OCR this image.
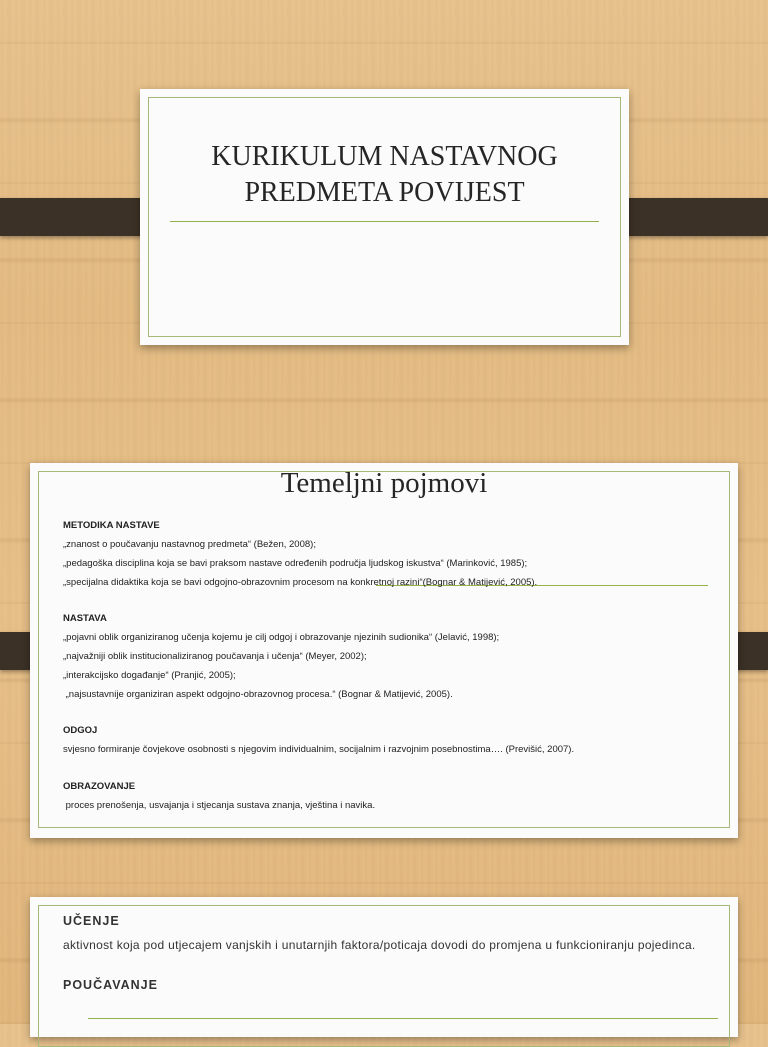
KURIKULUM NASTAVNOG
PREDMETA POVIJEST
Temeljni pojmovi
METODIKA NASTAVE
„znanost o poučavanju nastavnog predmeta“ (Bežen, 2008);
„pedagoška disciplina koja se bavi praksom nastave određenih područja ljudskog iskustva“ (Marinković, 1985);
„specijalna didaktika koja se bavi odgojno-obrazovnim procesom na konkretnoj razini“(Bognar & Matijević, 2005).
NASTAVA
„pojavni oblik organiziranog učenja kojemu je cilj odgoj i obrazovanje njezinih sudionika“ (Jelavić, 1998);
„najvažniji oblik institucionaliziranog poučavanja i učenja“ (Meyer, 2002);
„interakcijsko događanje“ (Pranjić, 2005);
„najsustavnije organiziran aspekt odgojno-obrazovnog procesa.“ (Bognar & Matijević, 2005).
ODGOJ
svjesno formiranje čovjekove osobnosti s njegovim individualnim, socijalnim i razvojnim posebnostima…. (Previšić, 2007).
OBRAZOVANJE
proces prenošenja, usvajanja i stjecanja sustava znanja, vještina i navika.
UČENJE
aktivnost koja pod utjecajem vanjskih i unutarnjih faktora/poticaja dovodi do promjena u funkcioniranju pojedinca.
POUČAVANJE
